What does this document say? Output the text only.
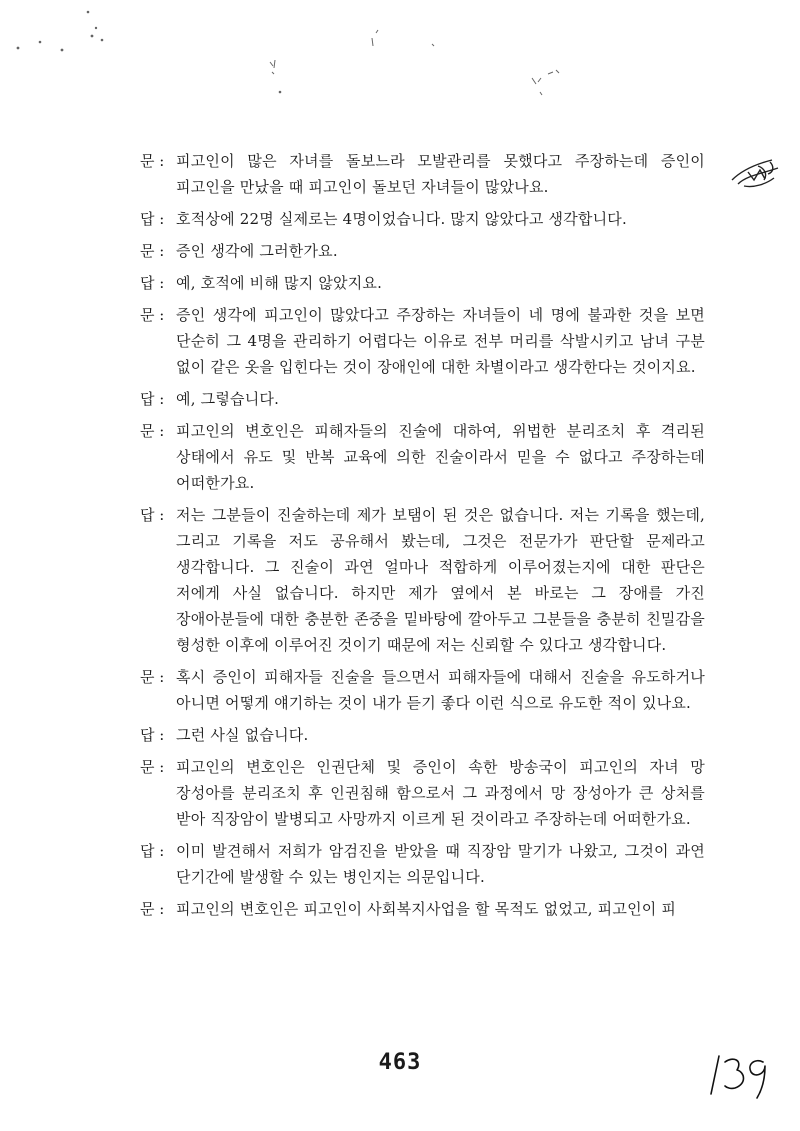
문 : 피고인이 많은 자녀를 돌보느라 모발관리를 못했다고 주장하는데 증인이 피고인을 만났을 때 피고인이 돌보던 자녀들이 많았나요.
답 : 호적상에 22명 실제로는 4명이었습니다. 많지 않았다고 생각합니다.
문 : 증인 생각에 그러한가요.
답 : 예, 호적에 비해 많지 않았지요.
문 : 증인 생각에 피고인이 많았다고 주장하는 자녀들이 네 명에 불과한 것을 보면 단순히 그 4명을 관리하기 어렵다는 이유로 전부 머리를 삭발시키고 남녀 구분 없이 같은 옷을 입힌다는 것이 장애인에 대한 차별이라고 생각한다는 것이지요.
답 : 예, 그렇습니다.
문 : 피고인의 변호인은 피해자들의 진술에 대하여, 위법한 분리조치 후 격리된 상태에서 유도 및 반복 교육에 의한 진술이라서 믿을 수 없다고 주장하는데 어떠한가요.
답 : 저는 그분들이 진술하는데 제가 보탬이 된 것은 없습니다. 저는 기록을 했는데, 그리고 기록을 저도 공유해서 봤는데, 그것은 전문가가 판단할 문제라고 생각합니다. 그 진술이 과연 얼마나 적합하게 이루어졌는지에 대한 판단은 저에게 사실 없습니다. 하지만 제가 옆에서 본 바로는 그 장애를 가진 장애아분들에 대한 충분한 존중을 밑바탕에 깔아두고 그분들을 충분히 친밀감을 형성한 이후에 이루어진 것이기 때문에 저는 신뢰할 수 있다고 생각합니다.
문 : 혹시 증인이 피해자들 진술을 들으면서 피해자들에 대해서 진술을 유도하거나 아니면 어떻게 얘기하는 것이 내가 듣기 좋다 이런 식으로 유도한 적이 있나요.
답 : 그런 사실 없습니다.
문 : 피고인의 변호인은 인권단체 및 증인이 속한 방송국이 피고인의 자녀 망 장성아를 분리조치 후 인권침해 함으로서 그 과정에서 망 장성아가 큰 상처를 받아 직장암이 발병되고 사망까지 이르게 된 것이라고 주장하는데 어떠한가요.
답 : 이미 발견해서 저희가 암검진을 받았을 때 직장암 말기가 나왔고, 그것이 과연 단기간에 발생할 수 있는 병인지는 의문입니다.
문 : 피고인의 변호인은 피고인이 사회복지사업을 할 목적도 없었고, 피고인이 피
463
